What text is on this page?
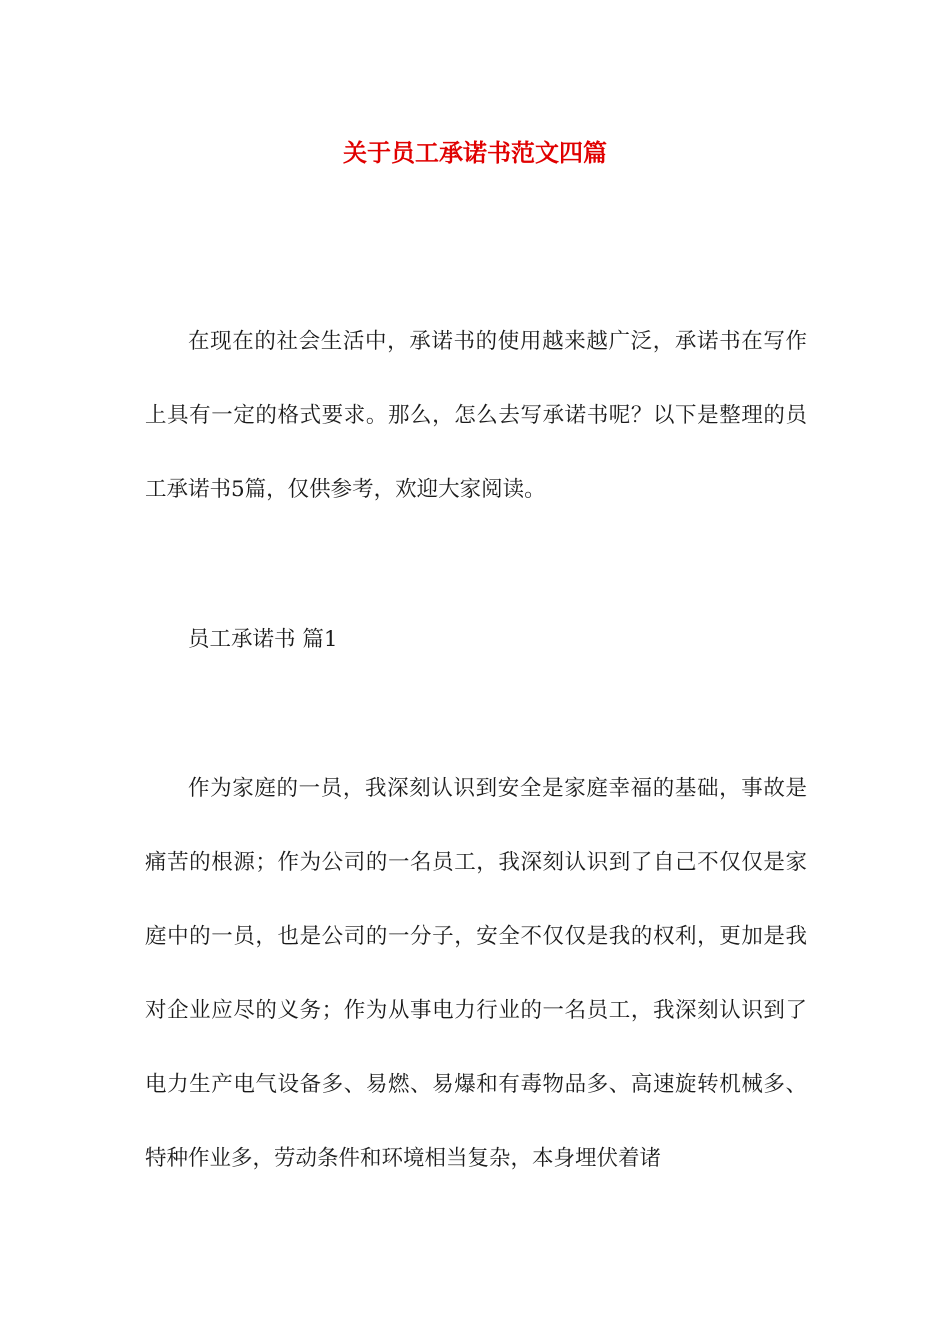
关于员工承诺书范文四篇

在现在的社会生活中，承诺书的使用越来越广泛，承诺书在写作上具有一定的格式要求。那么，怎么去写承诺书呢？以下是整理的员工承诺书5篇，仅供参考，欢迎大家阅读。

员工承诺书 篇1

作为家庭的一员，我深刻认识到安全是家庭幸福的基础，事故是痛苦的根源；作为公司的一名员工，我深刻认识到了自己不仅仅是家庭中的一员，也是公司的一分子，安全不仅仅是我的权利，更加是我对企业应尽的义务；作为从事电力行业的一名员工，我深刻认识到了电力生产电气设备多、易燃、易爆和有毒物品多、高速旋转机械多、特种作业多，劳动条件和环境相当复杂，本身埋伏着诸
